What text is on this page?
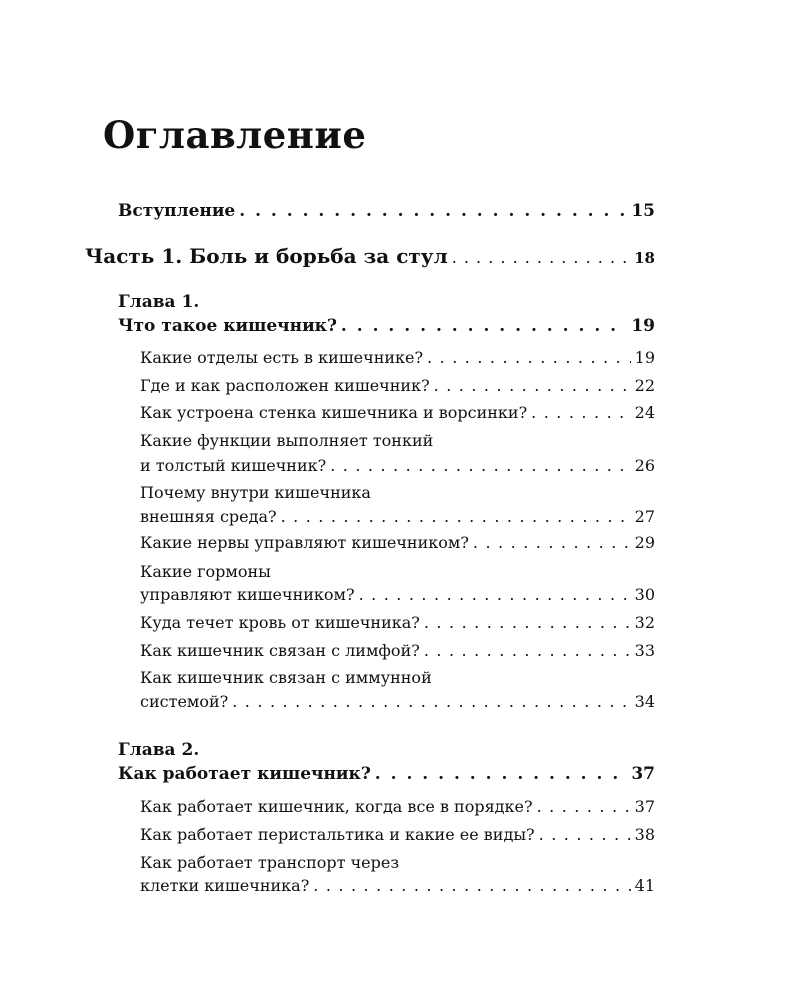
Оглавление
Вступление . . .	15
Часть 1. Боль и борьба за стул . . .	18
Глава 1.
Что такое кишечник? . . .	19
Какие отделы есть в кишечнике? . . .	19
Где и как расположен кишечник? . . .	22
Как устроена стенка кишечника и ворсинки? . . .	24
Какие функции выполняет тонкий
и толстый кишечник? . . .	26
Почему внутри кишечника
внешняя среда? . . .	27
Какие нервы управляют кишечником? . . .	29
Какие гормоны
управляют кишечником? . . .	30
Куда течет кровь от кишечника? . . .	32
Как кишечник связан с лимфой? . . .	33
Как кишечник связан с иммунной
системой? . . .	34
Глава 2.
Как работает кишечник? . . .	37
Как работает кишечник, когда все в порядке? . . .	37
Как работает перистальтика и какие ее виды? . . .	38
Как работает транспорт через
клетки кишечника? . . .	41
